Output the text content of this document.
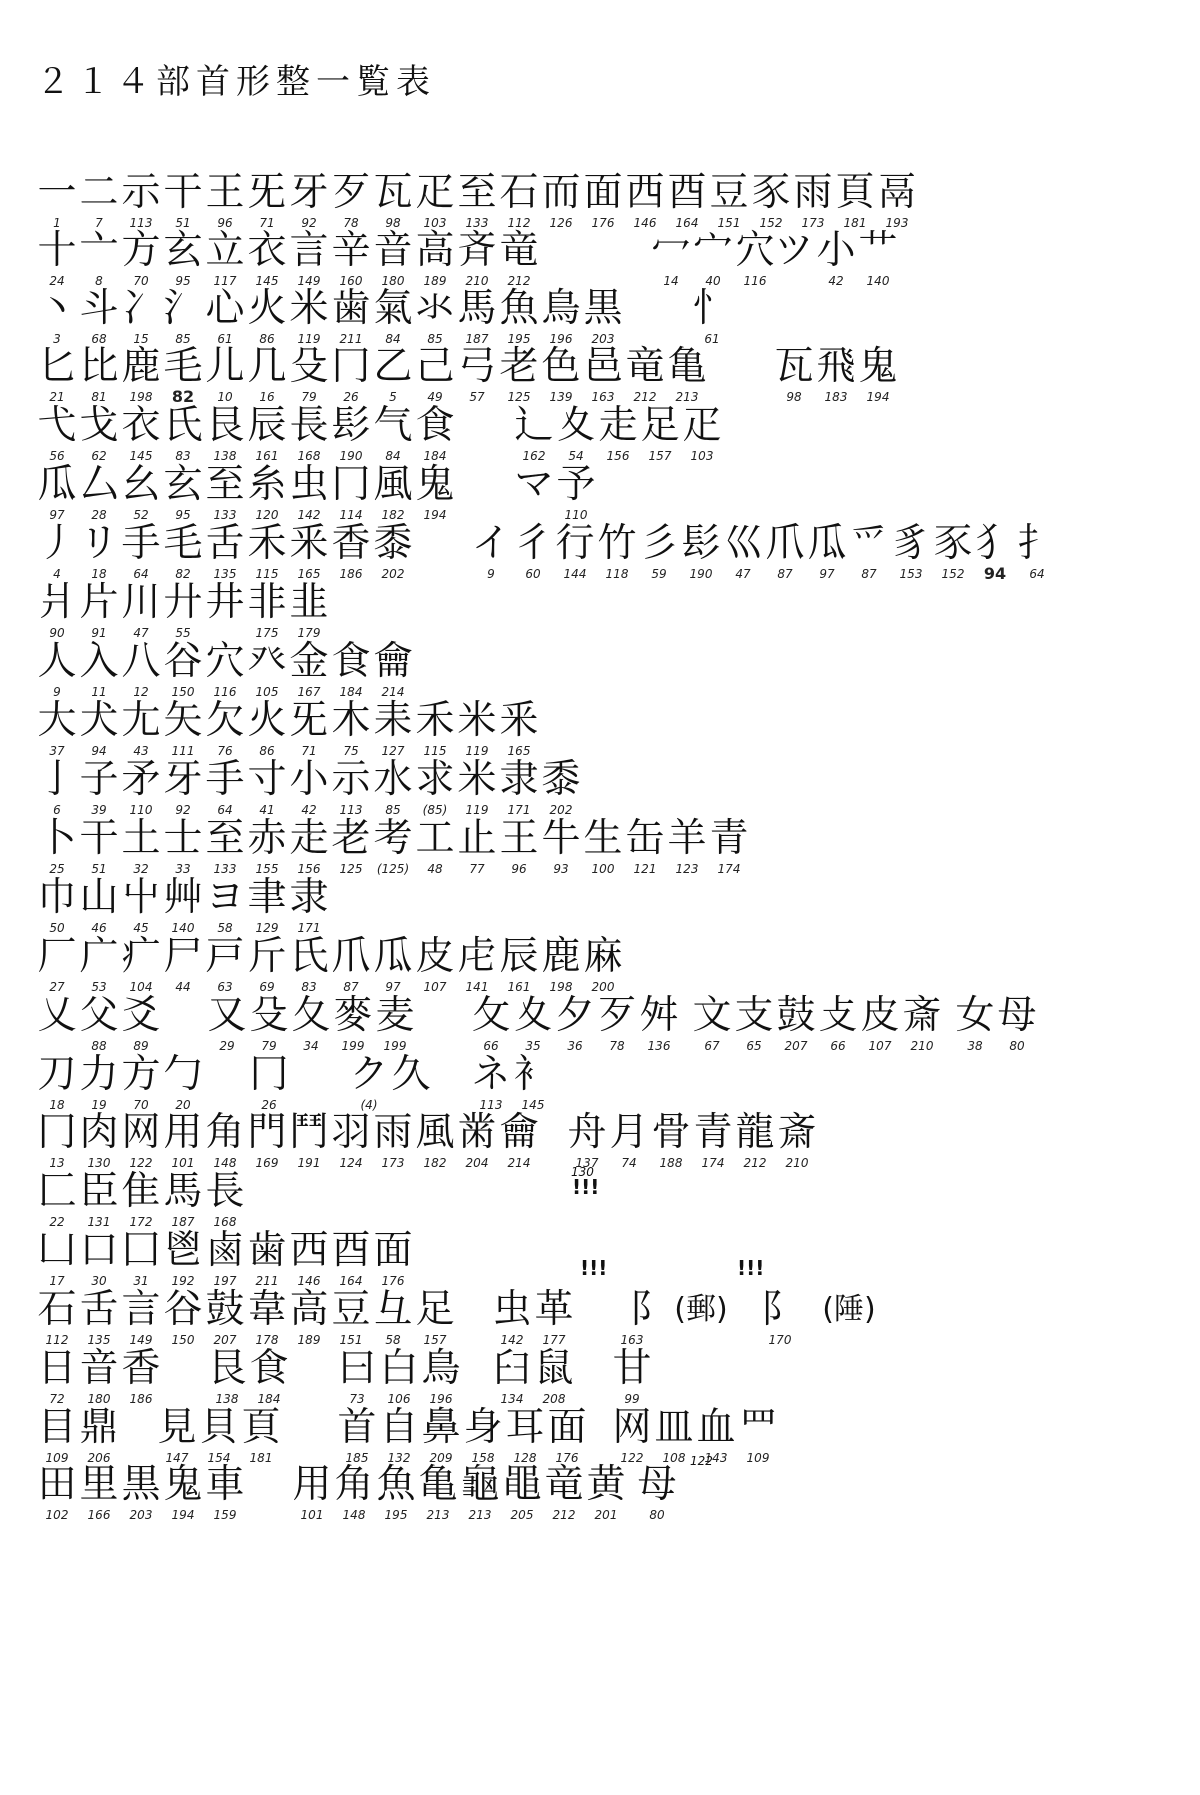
２１４部首形整一覧表
一
1
二
7
示
113
干
51
王
96
旡
71
牙
92
歹
78
瓦
98
疋
103
至
133
石
112
而
126
面
176
西
146
酉
164
豆
151
豕
152
雨
173
頁
181
鬲
193
十
24
亠
8
方
70
玄
95
立
117
衣
145
言
149
辛
160
音
180
高
189
斉
210
竜
212
冖
14
宀
40
穴
116
ツ 小
42
艹
140
丶
3
斗
68
冫
15
氵
85
心
61
火
86
米
119
歯
211
氣
84
氺
85
馬
187
魚
195
鳥
196
黒
203
忄
61
匕
21
比
81
鹿
198
毛
82
儿
10
几
16
殳
79
冂
26
乙
5
己
49
弓
57
老
125
色
139
邑
163
竜
212
亀
213
瓦
98
飛
183
鬼
194
弋
56
戈
62
衣
145
氏
83
艮
138
辰
161
長
168
髟
190
气
84
食
184
辶
162
夊
54
走
156
足
157
疋
103
瓜
97
厶
28
幺
52
玄
95
至
133
糸
120
虫
142
冂
114
風
182
鬼
194
マ 予
110
丿
4
リ
18
手
64
毛
82
舌
135
禾
115
釆
165
香
186
黍
202
イ
9
彳
60
行
144
竹
118
彡
59
髟
190
巛
47
爪
87
瓜
97
爫
87
豸
153
豕
152
犭
94
扌
64
爿
90
片
91
川
47
廾
55
井 非
175
韭
179
人
9
入
11
八
12
谷
150
穴
116
癶
105
金
167
食
184
龠
214
大
37
犬
94
尢
43
矢
111
欠
76
火
86
旡
71
木
75
耒
127
禾
115
米
119
釆
165
亅
6
子
39
矛
110
牙
92
手
64
寸
41
小
42
示
113
水
85
求
(85)
米
119
隶
171
黍
202
卜
25
干
51
土
32
士
33
至
133
赤
155
走
156
老
125
考
(125)
工
48
止
77
王
96
牛
93
生
100
缶
121
羊
123
青
174
巾
50
山
46
屮
45
艸
140
ヨ
58
聿
129
隶
171
厂
27
广
53
疒
104
尸
44
戸
63
斤
69
氏
83
爪
87
瓜
97
皮
107
虍
141
辰
161
鹿
198
麻
200
乂 父
88
爻
89
又
29
殳
79
夂
34
麥
199
麦
199
攵
66
夊
35
夕
36
歹
78
舛
136
文
67
支
65
鼓
207
攴
66
皮
107
斎
210
女
38
母
80
刀
18
力
19
方
70
勹
20
冂
26
ク
(4)
久 ネ
113
衤
145
冂
13
肉
130
网
122
用
101
角
148
門
169
鬥
191
羽
124
雨
173
風
182
黹
204
龠
214
舟
137
月
74
骨
188
青
174
龍
212
斎
210
匚
22
臣
131
隹
172
馬
187
長
168
凵
17
口
30
囗
31
鬯
192
鹵
197
歯
211
西
146
酉
164
面
176
石
112
舌
135
言
149
谷
150
鼓
207
韋
178
高
189
豆
151
彑
58
足
157
虫
142
革
177
⻏
163
(郵) 阝
170
(陲)
日
72
音
180
香
186
艮
138
食
184
曰
73
白
106
鳥
196
臼
134
鼠
208
甘
99
目
109
鼎
206
見
147
貝
154
頁
181
首
185
自
132
鼻
209
身
158
耳
128
面
176
网
122
皿
108
血
143
罒
109
田
102
里
166
黒
203
鬼
194
車
159
用
101
角
148
魚
195
亀
213
龜
213
黽
205
竜
212
黄
201
母
80
130
!!!
!!!	!!!
122
